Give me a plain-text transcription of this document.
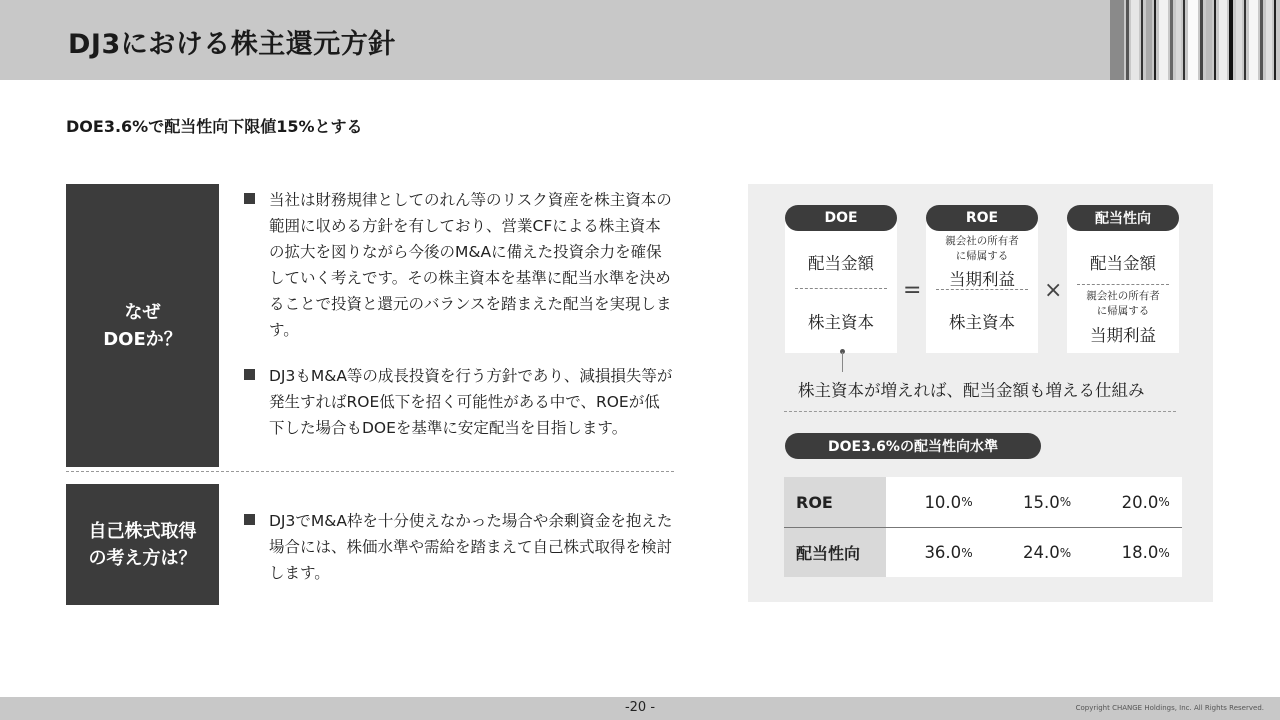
DJ3における株主還元方針
DOE3.6%で配当性向下限値15%とする
なぜ
DOEか？
自己株式取得
の考え方は？
当社は財務規律としてのれん等のリスク資産を株主資本の範囲に収める方針を有しており、営業CFによる株主資本の拡大を図りながら今後のM&Aに備えた投資余力を確保していく考えです。その株主資本を基準に配当水準を決めることで投資と還元のバランスを踏まえた配当を実現します。
DJ3もM&A等の成長投資を行う方針であり、減損損失等が発生すればROE低下を招く可能性がある中で、ROEが低下した場合もDOEを基準に安定配当を目指します。
DJ3でM&A枠を十分使えなかった場合や余剰資金を抱えた場合には、株価水準や需給を踏まえて自己株式取得を検討します。
配当金額
株主資本
DOE
=
親会社の所有者
に帰属する
当期利益
株主資本
ROE
×
配当金額
親会社の所有者
に帰属する
当期利益
配当性向
株主資本が増えれば、配当金額も増える仕組み
DOE3.6%の配当性向水準
ROE	10.0 %	15.0 %	20.0 %
配当性向	36.0 %	24.0 %	18.0 %
-20 -	Copyright CHANGE Holdings, Inc. All Rights Reserved.
